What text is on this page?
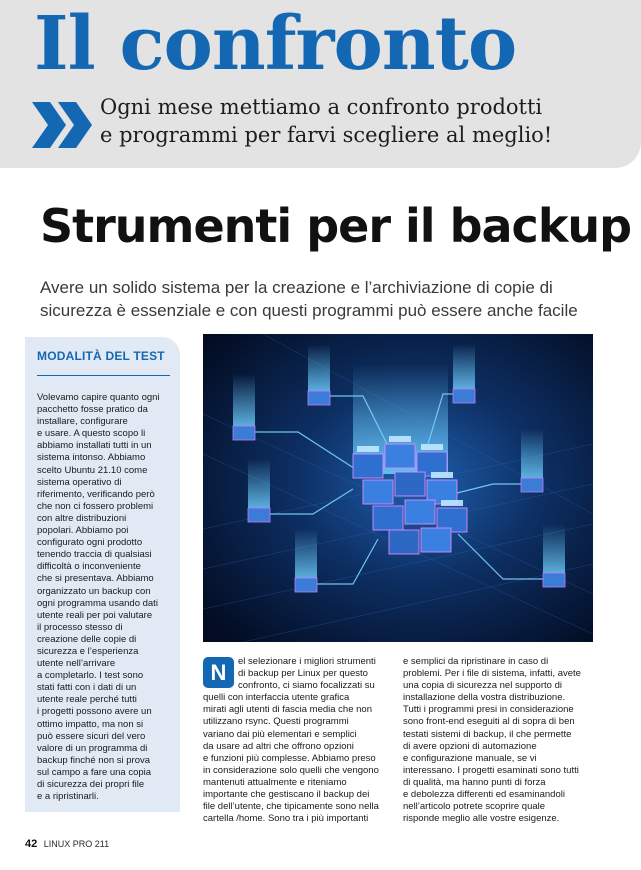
Il confronto
Ogni mese mettiamo a confronto prodotti
e programmi per farvi scegliere al meglio!
Strumenti per il backup
Avere un solido sistema per la creazione e l’archiviazione di copie di
sicurezza è essenziale e con questi programmi può essere anche facile
MODALITÀ DEL TEST
Volevamo capire quanto ogni
pacchetto fosse pratico da
installare, configurare
e usare. A questo scopo li
abbiamo installati tutti in un
sistema intonso. Abbiamo
scelto Ubuntu 21.10 come
sistema operativo di
riferimento, verificando però
che non ci fossero problemi
con altre distribuzioni
popolari. Abbiamo poi
configurato ogni prodotto
tenendo traccia di qualsiasi
difficoltà o inconveniente
che si presentava. Abbiamo
organizzato un backup con
ogni programma usando dati
utente reali per poi valutare
il processo stesso di
creazione delle copie di
sicurezza e l’esperienza
utente nell’arrivare
a completarlo. I test sono
stati fatti con i dati di un
utente reale perché tutti
i progetti possono avere un
ottimo impatto, ma non si
può essere sicuri del vero
valore di un programma di
backup finché non si prova
sul campo a fare una copia
di sicurezza dei propri file
e a ripristinarli.
N	el selezionare i migliori strumenti
di backup per Linux per questo
confronto, ci siamo focalizzati su
quelli con interfaccia utente grafica
mirati agli utenti di fascia media che non
utilizzano rsync. Questi programmi
variano dai più elementari e semplici
da usare ad altri che offrono opzioni
e funzioni più complesse. Abbiamo preso
in considerazione solo quelli che vengono
mantenuti attualmente e riteniamo
importante che gestiscano il backup dei
file dell’utente, che tipicamente sono nella
cartella /home. Sono tra i più importanti
e semplici da ripristinare in caso di
problemi. Per i file di sistema, infatti, avete
una copia di sicurezza nel supporto di
installazione della vostra distribuzione.
Tutti i programmi presi in considerazione
sono front-end eseguiti al di sopra di ben
testati sistemi di backup, il che permette
di avere opzioni di automazione
e configurazione manuale, se vi
interessano. I progetti esaminati sono tutti
di qualità, ma hanno punti di forza
e debolezza differenti ed esaminandoli
nell’articolo potrete scoprire quale
risponde meglio alle vostre esigenze.
42 LINUX PRO 211
